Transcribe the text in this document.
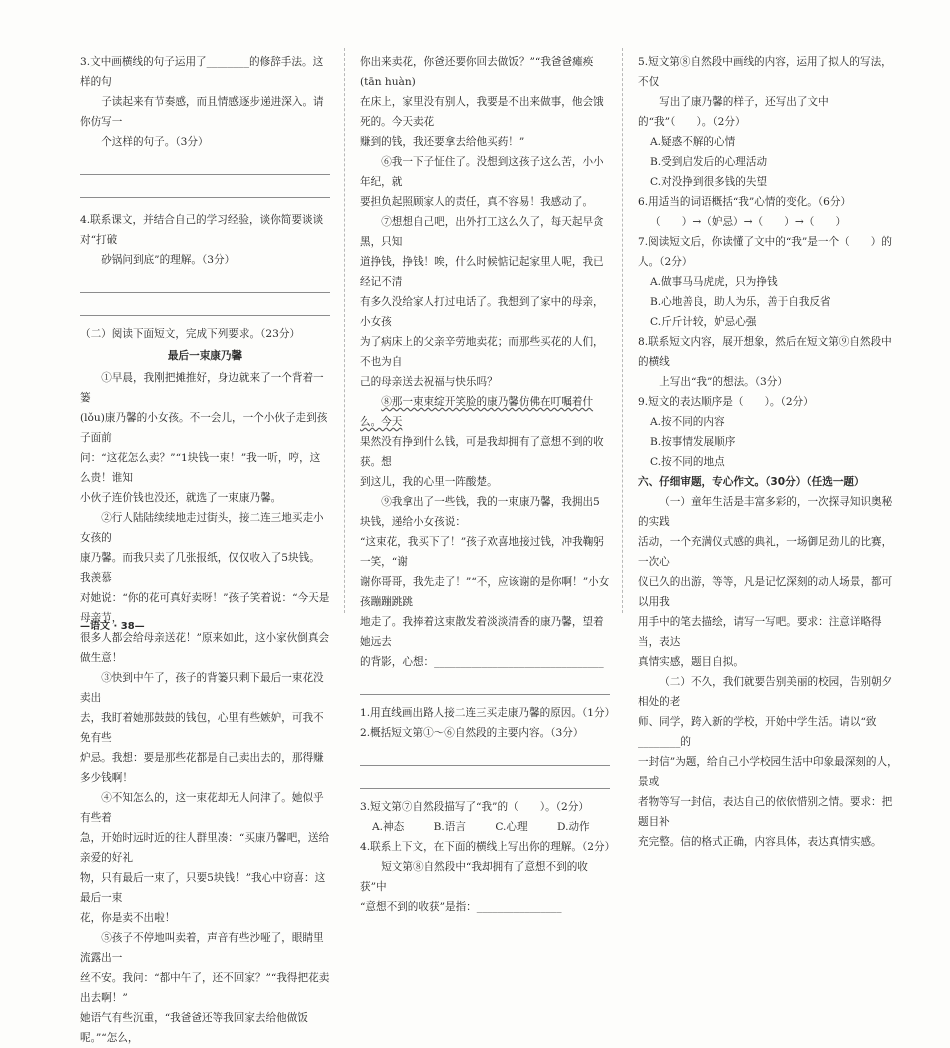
3.文中画横线的句子运用了________的修辞手法。这样的句

子读起来有节奏感，而且情感逐步递进深入。请你仿写一

个这样的句子。（3分）

4.联系课文，并结合自己的学习经验，谈你简要谈谈对“打破

砂锅问到底”的理解。（3分）

（二）阅读下面短文，完成下列要求。（23分）

最后一束康乃馨

①早晨，我刚把摊推好，身边就来了一个背着一篓

(lǒu)康乃馨的小女孩。不一会儿，一个小伙子走到孩子面前

问：“这花怎么卖？”“1块钱一束！”我一听，哼，这么贵！谁知

小伙子连价钱也没还，就选了一束康乃馨。

②行人陆陆续续地走过街头，接二连三地买走小女孩的

康乃馨。而我只卖了几张报纸，仅仅收入了5块钱。我羡慕

对她说：“你的花可真好卖呀！”孩子笑着说：“今天是母亲节，

很多人都会给母亲送花！”原来如此，这小家伙倒真会做生意！

③快到中午了，孩子的背篓只剩下最后一束花没卖出

去，我盯着她那鼓鼓的钱包，心里有些嫉妒，可我不免有些

炉忌。我想：要是那些花都是自己卖出去的，那得赚多少钱啊！

④不知怎么的，这一束花却无人问津了。她似乎有些着

急，开始时远时近的往人群里凑：“买康乃馨吧，送给亲爱的好礼

物，只有最后一束了，只要5块钱！”我心中窃喜：这最后一束

花，你是卖不出啦！

⑤孩子不停地叫卖着，声音有些沙哑了，眼睛里流露出一

丝不安。我问：“都中午了，还不回家？”“我得把花卖出去啊！”

她语气有些沉重，“我爸爸还等我回家去给他做饭呢。”“怎么，

你出来卖花，你爸还要你回去做饭？”“我爸爸瘫痪(tān huàn)

在床上，家里没有别人，我要是不出来做事，他会饿死的。今天卖花

赚到的钱，我还要拿去给他买药！”

⑥我一下子怔住了。没想到这孩子这么苦，小小年纪，就

要担负起照顾家人的责任，真不容易！我感动了。

⑦想想自己吧，出外打工这么久了，每天起早贪黑，只知

道挣钱，挣钱！唉，什么时候惦记起家里人呢，我已经记不清

有多久没给家人打过电话了。我想到了家中的母亲，小女孩

为了病床上的父亲辛劳地卖花；而那些买花的人们，不也为自

己的母亲送去祝福与快乐吗？

⑧那一束束绽开笑脸的康乃馨仿佛在叮嘱着什么。今天

果然没有挣到什么钱，可是我却拥有了意想不到的收获。想

到这儿，我的心里一阵酸楚。

⑨我拿出了一些钱，我的一束康乃馨，我拥出5块钱，递给小女孩说：

“这束花，我买下了！”孩子欢喜地接过钱，冲我鞠躬一笑，“谢

谢你哥哥，我先走了！”“不，应该谢的是你啊！”小女孩蹦蹦跳跳

地走了。我捧着这束散发着淡淡清香的康乃馨，望着她远去

的背影，心想：________________________________

1.用直线画出路人接二连三买走康乃馨的原因。（1分）

2.概括短文第①～⑥自然段的主要内容。（3分）

3.短文第⑦自然段描写了“我”的（　　）。（2分）

A.神态	B.语言	C.心理	D.动作

4.联系上下文，在下面的横线上写出你的理解。（2分）

短文第⑧自然段中“我却拥有了意想不到的收获”中

“意想不到的收获”是指：________________

5.短文第⑧自然段中画线的内容，运用了拟人的写法，不仅

写出了康乃馨的样子，还写出了文中的“我”（　　）。（2分）

A.疑惑不解的心情

B.受到启发后的心理活动

C.对没挣到很多钱的失望

6.用适当的词语概括“我”心情的变化。（6分）

（　　）→（妒忌）→（　　）→（　　）

7.阅读短文后，你读懂了文中的“我”是一个（　　）的人。（2分）

A.做事马马虎虎，只为挣钱

B.心地善良，助人为乐，善于自我反省

C.斤斤计较，妒忌心强

8.联系短文内容，展开想象，然后在短文第⑨自然段中的横线

上写出“我”的想法。（3分）

9.短文的表达顺序是（　　）。（2分）

A.按不同的内容

B.按事情发展顺序

C.按不同的地点

六、仔细审题，专心作文。（30分）（任选一题）

（一）童年生活是丰富多彩的，一次探寻知识奥秘的实践

活动，一个充满仪式感的典礼，一场御足劲儿的比赛，一次心

仪已久的出游，等等，凡是记忆深刻的动人场景，都可以用我

用手中的笔去描绘，请写一写吧。要求：注意详略得当，表达

真情实感，题目自拟。

（二）不久，我们就要告别美丽的校园，告别朝夕相处的老

师、同学，跨入新的学校，开始中学生活。请以“致________的

一封信”为题，给自己小学校园生活中印象最深刻的人，景或

者物等写一封信，表达自己的依依惜别之情。要求：把题目补

充完整。信的格式正确，内容具体，表达真情实感。

—语文 · 38—
